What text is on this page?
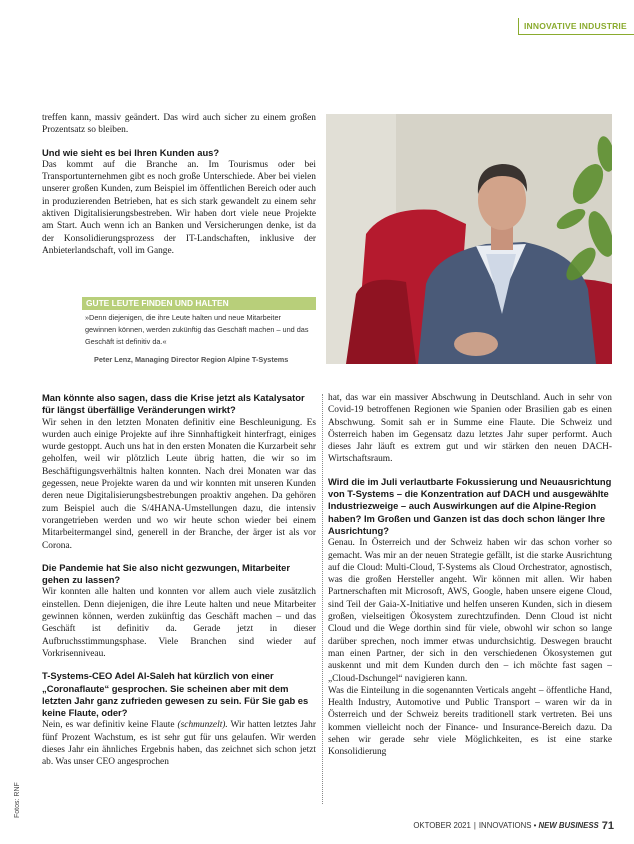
INNOVATIVE INDUSTRIE

treffen kann, massiv geändert. Das wird auch sicher zu einem großen Prozentsatz so bleiben.

Und wie sieht es bei Ihren Kunden aus?

Das kommt auf die Branche an. Im Tourismus oder bei Transportunternehmen gibt es noch große Unterschiede. Aber bei vielen unserer großen Kunden, zum Beispiel im öffentlichen Bereich oder auch in produzierenden Betrieben, hat es sich stark gewandelt zu einem sehr aktiven Digitalisierungsbestreben. Wir haben dort viele neue Projekte am Start. Auch wenn ich an Banken und Versicherungen denke, ist da der Konsolidierungsprozess der IT-Landschaften, inklusive der Anbieterlandschaft, voll im Gange.

GUTE LEUTE FINDEN UND HALTEN
»Denn diejenigen, die ihre Leute halten und neue Mitarbeiter gewinnen können, werden zukünftig das Geschäft machen – und das Geschäft ist definitiv da.«
Peter Lenz, Managing Director Region Alpine T-Systems

Man könnte also sagen, dass die Krise jetzt als Katalysator für längst überfällige Veränderungen wirkt?

Wir sehen in den letzten Monaten definitiv eine Beschleunigung. Es wurden auch einige Projekte auf ihre Sinnhaftigkeit hinterfragt, einiges wurde gestoppt. Auch uns hat in den ersten Monaten die Kurzarbeit sehr geholfen, weil wir plötzlich Leute übrig hatten, die wir so im Beschäftigungsverhältnis halten konnten. Nach drei Monaten war das gegessen, neue Projekte waren da und wir konnten mit unseren Kunden deren neue Digitalisierungsbestrebungen proaktiv angehen. Da gehören zum Beispiel auch die S/4HANA-Umstellungen dazu, die intensiv vorangetrieben werden und wo wir heute schon wieder bei einem Mitarbeitermangel sind, generell in der Branche, der ärger ist als vor Corona.

Die Pandemie hat Sie also nicht gezwungen, Mitarbeiter gehen zu lassen?

Wir konnten alle halten und konnten vor allem auch viele zusätzlich einstellen. Denn diejenigen, die ihre Leute halten und neue Mitarbeiter gewinnen können, werden zukünftig das Geschäft machen – und das Geschäft ist definitiv da. Gerade jetzt in dieser Aufbruchsstimmungsphase. Viele Branchen sind wieder auf Vorkrisenniveau.

T-Systems-CEO Adel Al-Saleh hat kürzlich von einer „Coronaflaute“ gesprochen. Sie scheinen aber mit dem letzten Jahr ganz zufrieden gewesen zu sein. Für Sie gab es keine Flaute, oder?

Nein, es war definitiv keine Flaute (schmunzelt). Wir hatten letztes Jahr fünf Prozent Wachstum, es ist sehr gut für uns gelaufen. Wir werden dieses Jahr ein ähnliches Ergebnis haben, das zeichnet sich schon jetzt ab. Was unser CEO angesprochen

hat, das war ein massiver Abschwung in Deutschland. Auch in sehr von Covid-19 betroffenen Regionen wie Spanien oder Brasilien gab es einen Abschwung. Somit sah er in Summe eine Flaute. Die Schweiz und Österreich haben im Gegensatz dazu letztes Jahr super performt. Auch dieses Jahr läuft es extrem gut und wir stärken den neuen DACH-Wirtschaftsraum.

Wird die im Juli verlautbarte Fokussierung und Neuausrichtung von T-Systems – die Konzentration auf DACH und ausgewählte Industriezweige – auch Auswirkungen auf die Alpine-Region haben? Im Großen und Ganzen ist das doch schon länger Ihre Ausrichtung?

Genau. In Österreich und der Schweiz haben wir das schon vorher so gemacht. Was mir an der neuen Strategie gefällt, ist die starke Ausrichtung auf die Cloud: Multi-Cloud, T-Systems als Cloud Orchestrator, agnostisch, was die großen Hersteller angeht. Wir können mit allen. Wir haben Partnerschaften mit Microsoft, AWS, Google, haben unsere eigene Cloud, sind Teil der Gaia-X-Initiative und helfen unseren Kunden, sich in diesem großen, vielseitigen Ökosystem zurechtzufinden. Denn Cloud ist nicht Cloud und die Wege dorthin sind für viele, obwohl wir schon so lange darüber sprechen, noch immer etwas undurchsichtig. Deswegen braucht man einen Partner, der sich in den verschiedenen Ökosystemen gut auskennt und mit dem Kunden durch den – ich möchte fast sagen – „Cloud-Dschungel“ navigieren kann.

Was die Einteilung in die sogenannten Verticals angeht – öffentliche Hand, Health Industry, Automotive und Public Transport – waren wir da in Österreich und der Schweiz bereits traditionell stark vertreten. Bei uns kommen vielleicht noch der Finance- und Insurance-Bereich dazu. Da sehen wir gerade sehr viele Möglichkeiten, es ist eine starke Konsolidierung

Fotos: RNF
OKTOBER 2021 | INNOVATIONS • NEW BUSINESS 71
